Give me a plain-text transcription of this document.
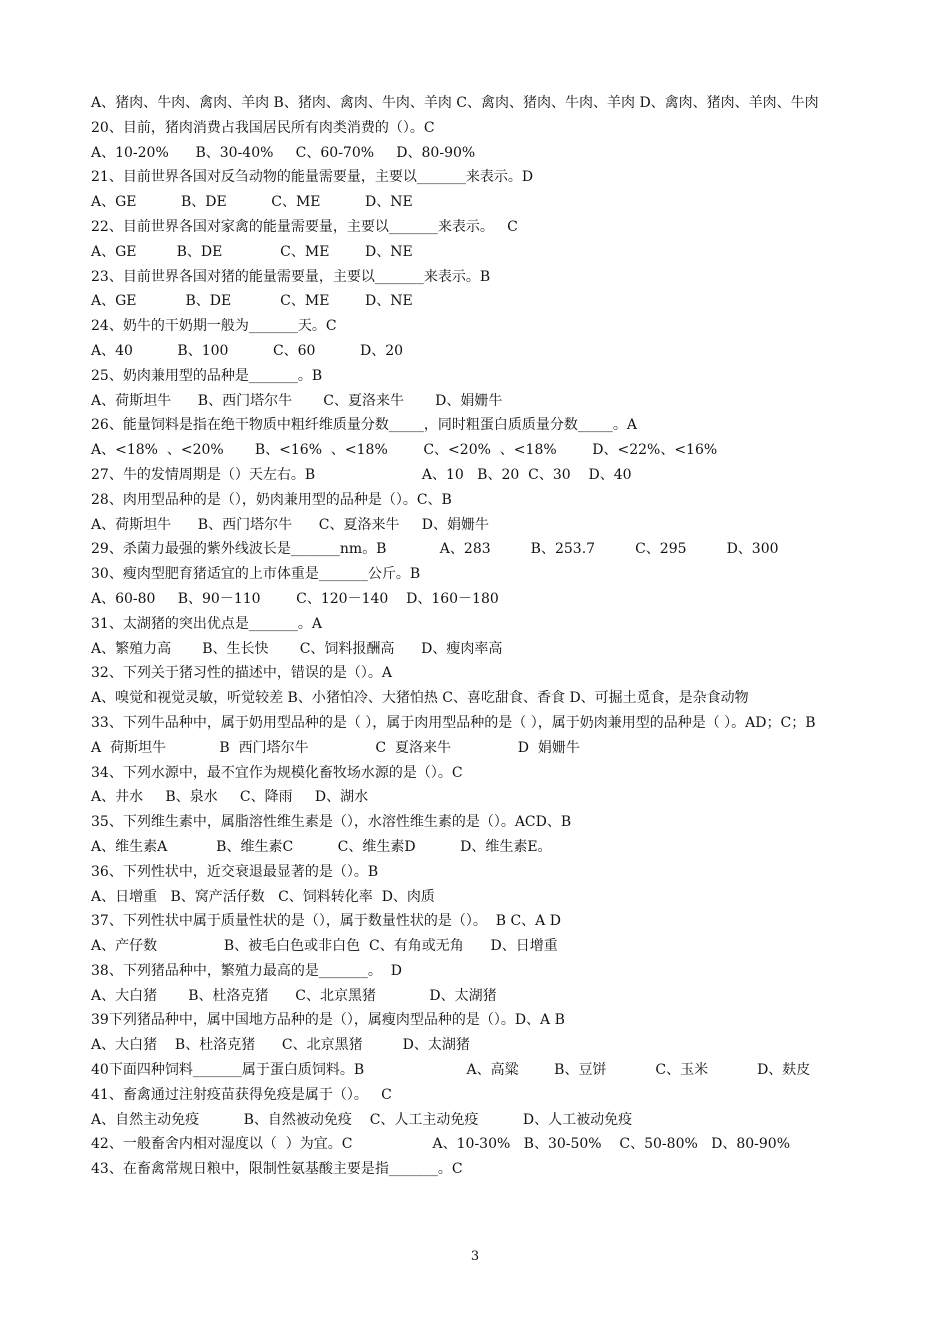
A、猪肉、牛肉、禽肉、羊肉 B、猪肉、禽肉、牛肉、羊肉 C、禽肉、猪肉、牛肉、羊肉 D、禽肉、猪肉、羊肉、牛肉
20、目前，猪肉消费占我国居民所有肉类消费的（）。C
A、10-20%      B、30-40%     C、60-70%     D、80-90%
21、目前世界各国对反刍动物的能量需要量，主要以_______来表示。D
A、GE          B、DE          C、ME          D、NE
22、目前世界各国对家禽的能量需要量，主要以_______来表示。   C
A、GE         B、DE             C、ME        D、NE
23、目前世界各国对猪的能量需要量，主要以_______来表示。B
A、GE           B、DE           C、ME        D、NE
24、奶牛的干奶期一般为_______天。C
A、40          B、100          C、60          D、20
25、奶肉兼用型的品种是_______。B
A、荷斯坦牛      B、西门塔尔牛       C、夏洛来牛       D、娟姗牛
26、能量饲料是指在绝干物质中粗纤维质量分数_____，同时粗蛋白质质量分数_____。A
A、<18%  、<20%       B、<16%  、<18%        C、<20%  、<18%        D、<22%、<16%
27、牛的发情周期是（）天左右。B                        A、10   B、20  C、30    D、40
28、肉用型品种的是（），奶肉兼用型的品种是（）。C、B
A、荷斯坦牛      B、西门塔尔牛      C、夏洛来牛     D、娟姗牛
29、杀菌力最强的紫外线波长是_______nm。B            A、283         B、253.7         C、295         D、300
30、瘦肉型肥育猪适宜的上市体重是_______公斤。B
A、60-80     B、90－110        C、120－140    D、160－180
31、太湖猪的突出优点是_______。A
A、繁殖力高       B、生长快       C、饲料报酬高      D、瘦肉率高
32、下列关于猪习性的描述中，错误的是（）。A
A、嗅觉和视觉灵敏，听觉较差 B、小猪怕冷、大猪怕热 C、喜吃甜食、香食 D、可掘土觅食，是杂食动物
33、下列牛品种中，属于奶用型品种的是（ ），属于肉用型品种的是（ ），属于奶肉兼用型的品种是（ ）。AD；C；B
A  荷斯坦牛            B  西门塔尔牛               C  夏洛来牛               D  娟姗牛
34、下列水源中，最不宜作为规模化畜牧场水源的是（）。C
A、井水     B、泉水     C、降雨     D、湖水
35、下列维生素中，属脂溶性维生素是（），水溶性维生素的是（）。ACD、B
A、维生素A           B、维生素C          C、维生素D          D、维生素E。
36、下列性状中，近交衰退最显著的是（）。B
A、日增重   B、窝产活仔数   C、饲料转化率  D、肉质
37、下列性状中属于质量性状的是（），属于数量性状的是（）。  B C、A D
A、产仔数               B、被毛白色或非白色  C、有角或无角      D、日增重
38、下列猪品种中，繁殖力最高的是_______。  D
A、大白猪       B、杜洛克猪      C、北京黑猪            D、太湖猪
39下列猪品种中，属中国地方品种的是（），属瘦肉型品种的是（）。D、A B
A、大白猪    B、杜洛克猪      C、北京黑猪         D、太湖猪
40下面四种饲料_______属于蛋白质饲料。B                       A、高粱        B、豆饼           C、玉米           D、麸皮
41、畜禽通过注射疫苗获得免疫是属于（）。   C
A、自然主动免疫          B、自然被动免疫    C、人工主动免疫          D、人工被动免疫
42、一般畜舍内相对湿度以（  ）为宜。C                  A、10-30%   B、30-50%    C、50-80%   D、80-90%
43、在畜禽常规日粮中，限制性氨基酸主要是指_______。C
3
